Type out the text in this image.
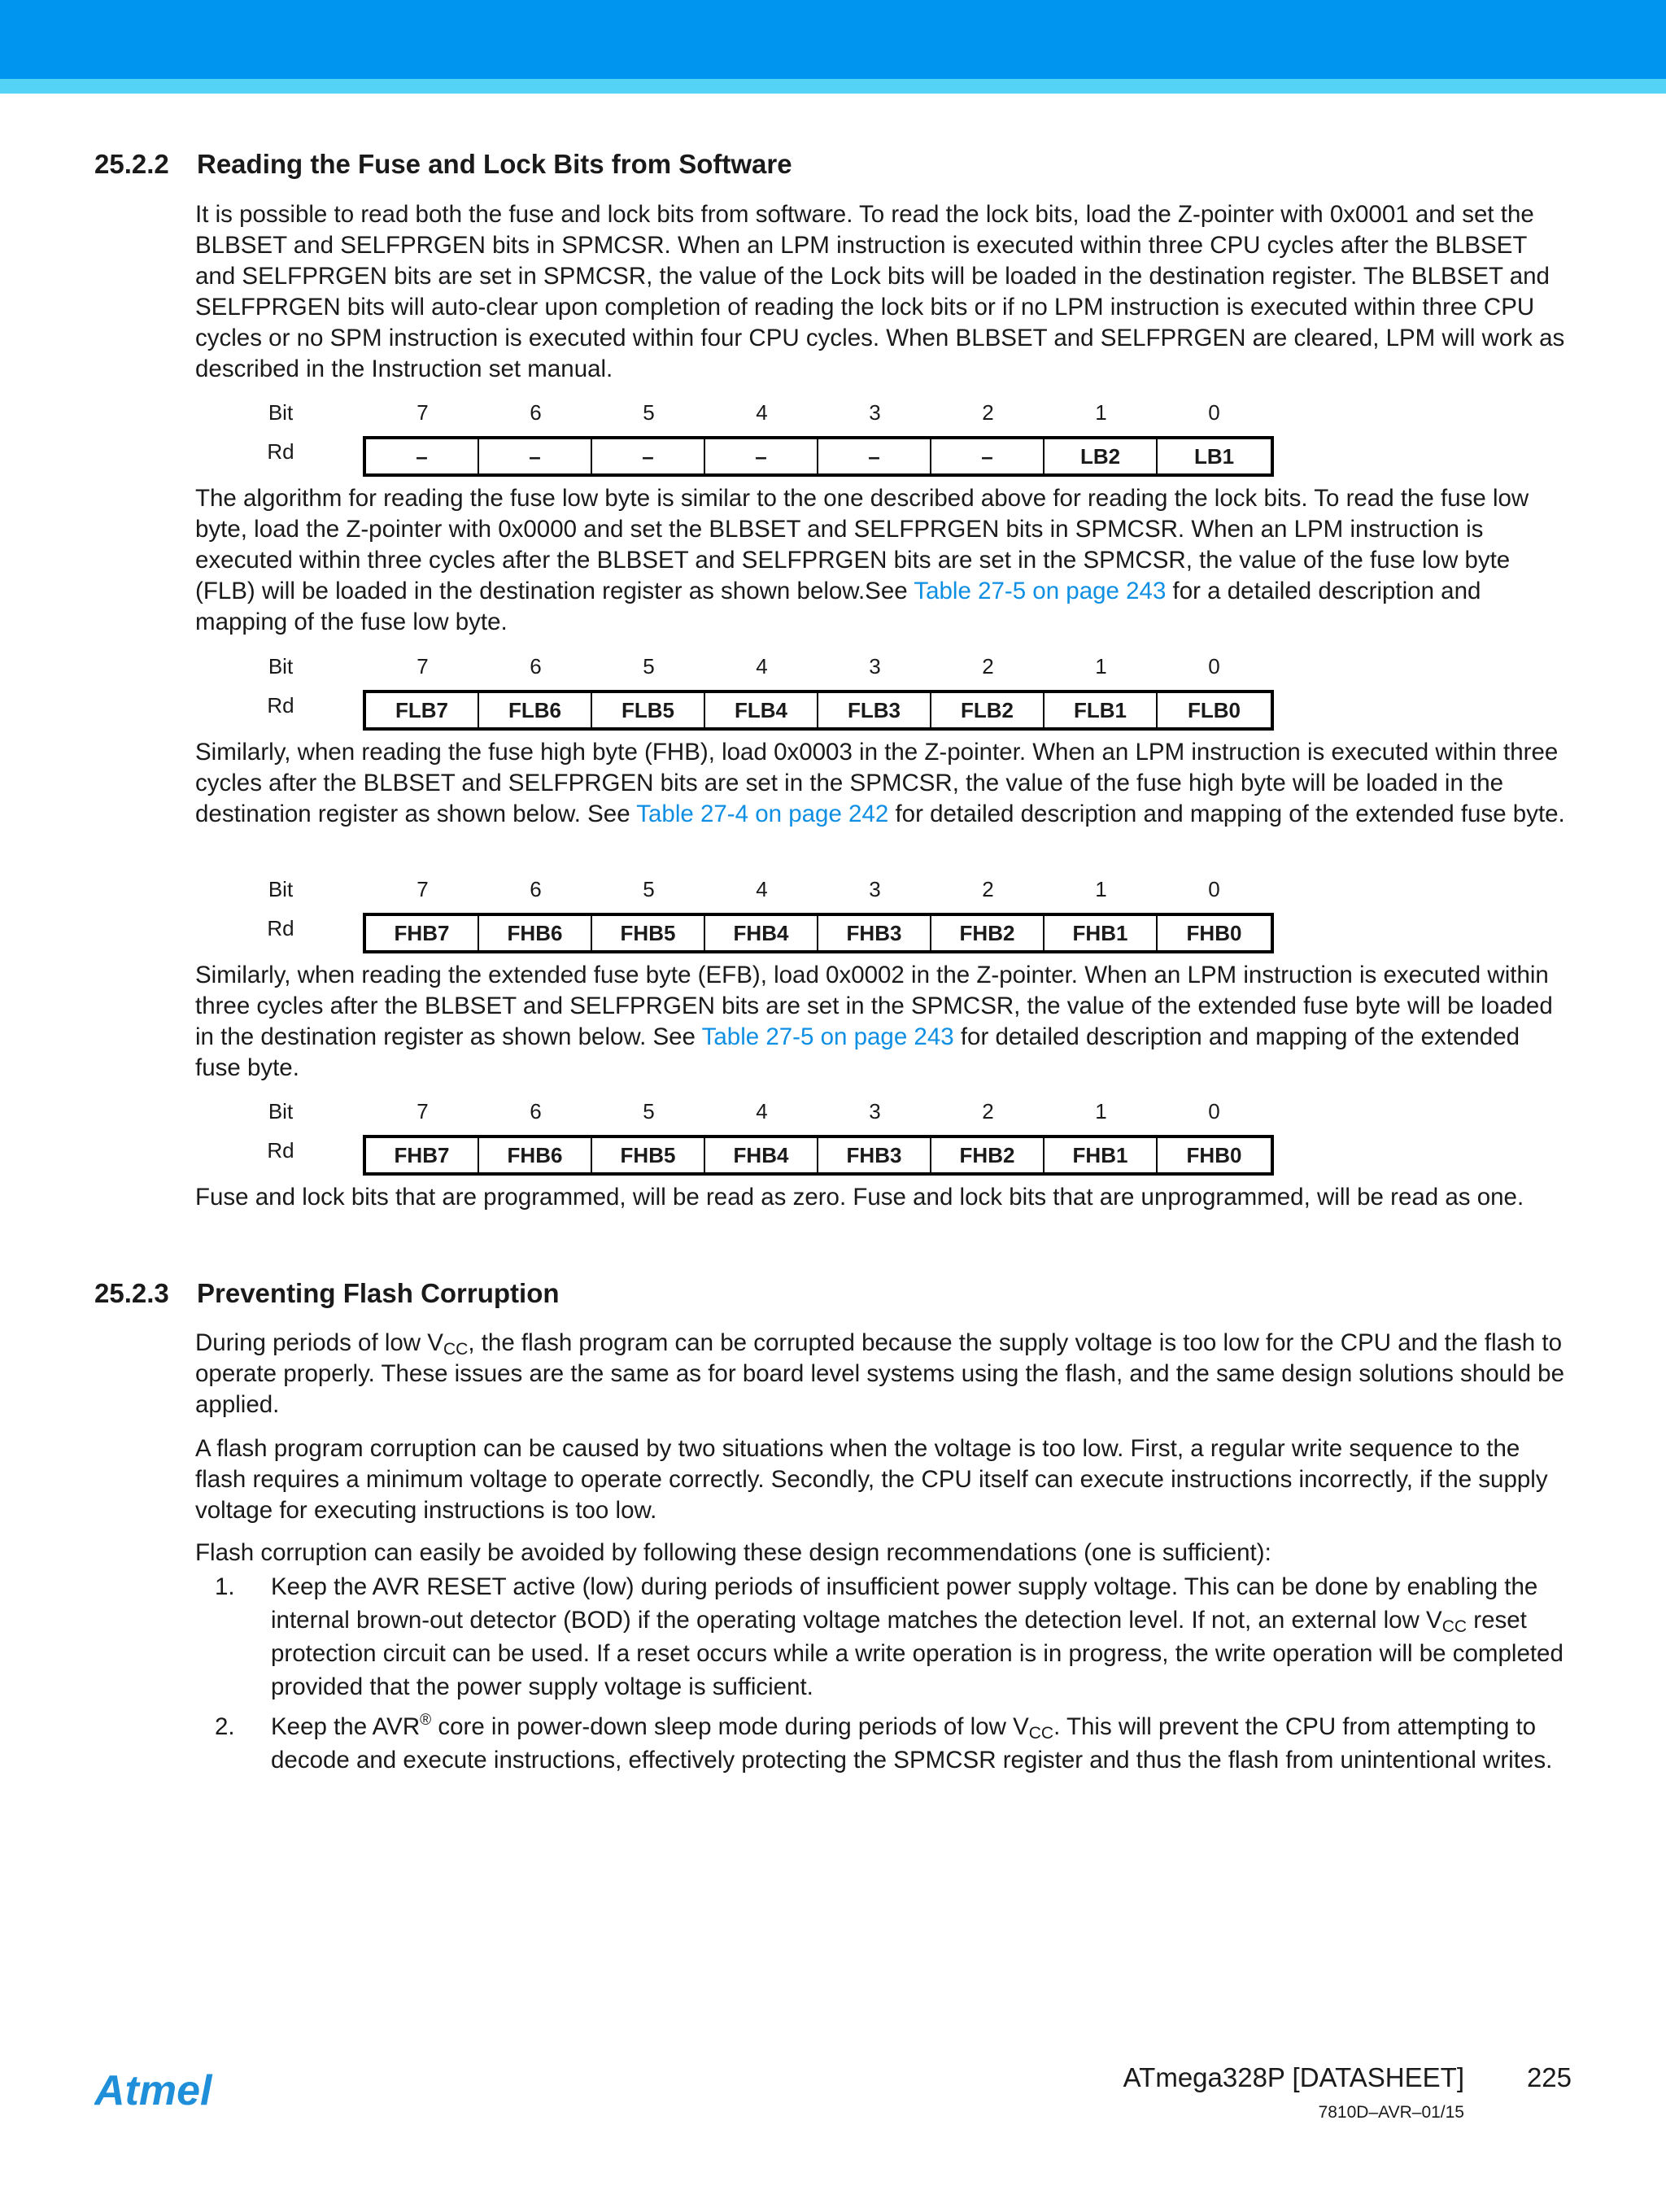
25.2.2 Reading the Fuse and Lock Bits from Software
It is possible to read both the fuse and lock bits from software. To read the lock bits, load the Z-pointer with 0x0001 and set the BLBSET and SELFPRGEN bits in SPMCSR. When an LPM instruction is executed within three CPU cycles after the BLBSET and SELFPRGEN bits are set in SPMCSR, the value of the Lock bits will be loaded in the destination register. The BLBSET and SELFPRGEN bits will auto-clear upon completion of reading the lock bits or if no LPM instruction is executed within three CPU cycles or no SPM instruction is executed within four CPU cycles. When BLBSET and SELFPRGEN are cleared, LPM will work as described in the Instruction set manual.
Bit	7	6	5	4	3	2	1	0
Rd	–	–	–	–	–	–	LB2	LB1
The algorithm for reading the fuse low byte is similar to the one described above for reading the lock bits. To read the fuse low byte, load the Z-pointer with 0x0000 and set the BLBSET and SELFPRGEN bits in SPMCSR. When an LPM instruction is executed within three cycles after the BLBSET and SELFPRGEN bits are set in the SPMCSR, the value of the fuse low byte (FLB) will be loaded in the destination register as shown below.See Table 27-5 on page 243 for a detailed description and mapping of the fuse low byte.
Bit	7	6	5	4	3	2	1	0
Rd	FLB7	FLB6	FLB5	FLB4	FLB3	FLB2	FLB1	FLB0
Similarly, when reading the fuse high byte (FHB), load 0x0003 in the Z-pointer. When an LPM instruction is executed within three cycles after the BLBSET and SELFPRGEN bits are set in the SPMCSR, the value of the fuse high byte will be loaded in the destination register as shown below. See Table 27-4 on page 242 for detailed description and mapping of the extended fuse byte.
Bit	7	6	5	4	3	2	1	0
Rd	FHB7	FHB6	FHB5	FHB4	FHB3	FHB2	FHB1	FHB0
Similarly, when reading the extended fuse byte (EFB), load 0x0002 in the Z-pointer. When an LPM instruction is executed within three cycles after the BLBSET and SELFPRGEN bits are set in the SPMCSR, the value of the extended fuse byte will be loaded in the destination register as shown below. See Table 27-5 on page 243 for detailed description and mapping of the extended fuse byte.
Bit	7	6	5	4	3	2	1	0
Rd	FHB7	FHB6	FHB5	FHB4	FHB3	FHB2	FHB1	FHB0
Fuse and lock bits that are programmed, will be read as zero. Fuse and lock bits that are unprogrammed, will be read as one.
25.2.3 Preventing Flash Corruption
During periods of low $V_{CC}$, the flash program can be corrupted because the supply voltage is too low for the CPU and the flash to operate properly. These issues are the same as for board level systems using the flash, and the same design solutions should be applied.
A flash program corruption can be caused by two situations when the voltage is too low. First, a regular write sequence to the flash requires a minimum voltage to operate correctly. Secondly, the CPU itself can execute instructions incorrectly, if the supply voltage for executing instructions is too low.
Flash corruption can easily be avoided by following these design recommendations (one is sufficient):
1. Keep the AVR RESET active (low) during periods of insufficient power supply voltage. This can be done by enabling the internal brown-out detector (BOD) if the operating voltage matches the detection level. If not, an external low $V_{CC}$ reset protection circuit can be used. If a reset occurs while a write operation is in progress, the write operation will be completed provided that the power supply voltage is sufficient.
2. Keep the AVR® core in power-down sleep mode during periods of low $V_{CC}$. This will prevent the CPU from attempting to decode and execute instructions, effectively protecting the SPMCSR register and thus the flash from unintentional writes.
Atmel	ATmega328P [DATASHEET] 225
7810D–AVR–01/15
